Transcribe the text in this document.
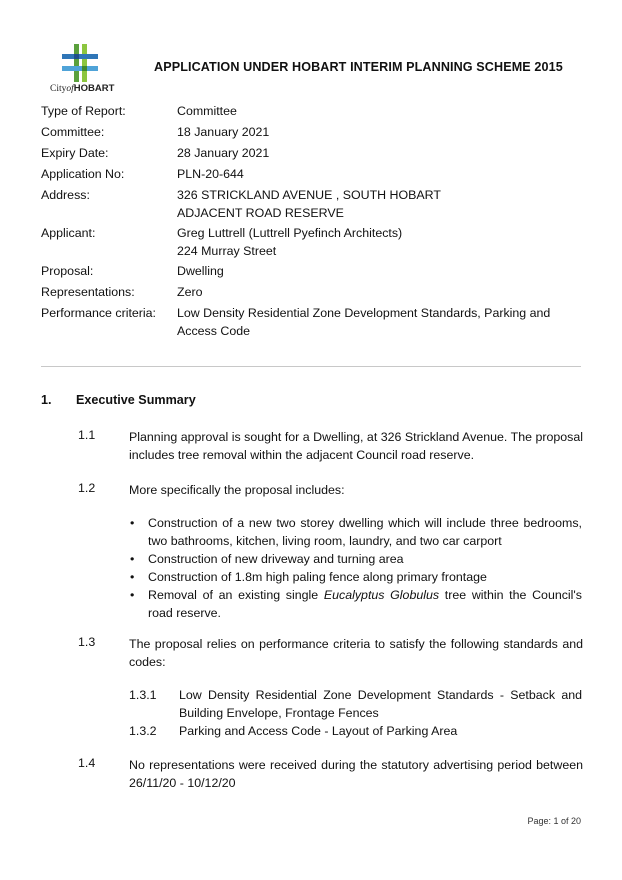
CityofHOBART
APPLICATION UNDER HOBART INTERIM PLANNING SCHEME 2015
Type of Report:	Committee
Committee:	18 January 2021
Expiry Date:	28 January 2021
Application No:	PLN-20-644
Address:	326 STRICKLAND AVENUE , SOUTH HOBART
ADJACENT ROAD RESERVE
Applicant:	Greg Luttrell (Luttrell Pyefinch Architects)
224 Murray Street
Proposal:	Dwelling
Representations:	Zero
Performance criteria:	Low Density Residential Zone Development Standards, Parking and
Access Code
1. Executive Summary
1.1	Planning approval is sought for a Dwelling, at 326 Strickland Avenue. The proposal includes tree removal within the adjacent Council road reserve.
1.2	More specifically the proposal includes:
• Construction of a new two storey dwelling which will include three bedrooms, two bathrooms, kitchen, living room, laundry, and two car carport
• Construction of new driveway and turning area
• Construction of 1.8m high paling fence along primary frontage
• Removal of an existing single Eucalyptus Globulus tree within the Council's road reserve.
1.3	The proposal relies on performance criteria to satisfy the following standards and codes:
1.3.1 Low Density Residential Zone Development Standards - Setback and Building Envelope, Frontage Fences
1.3.2 Parking and Access Code - Layout of Parking Area
1.4	No representations were received during the statutory advertising period between 26/11/20 - 10/12/20
Page: 1 of 20
